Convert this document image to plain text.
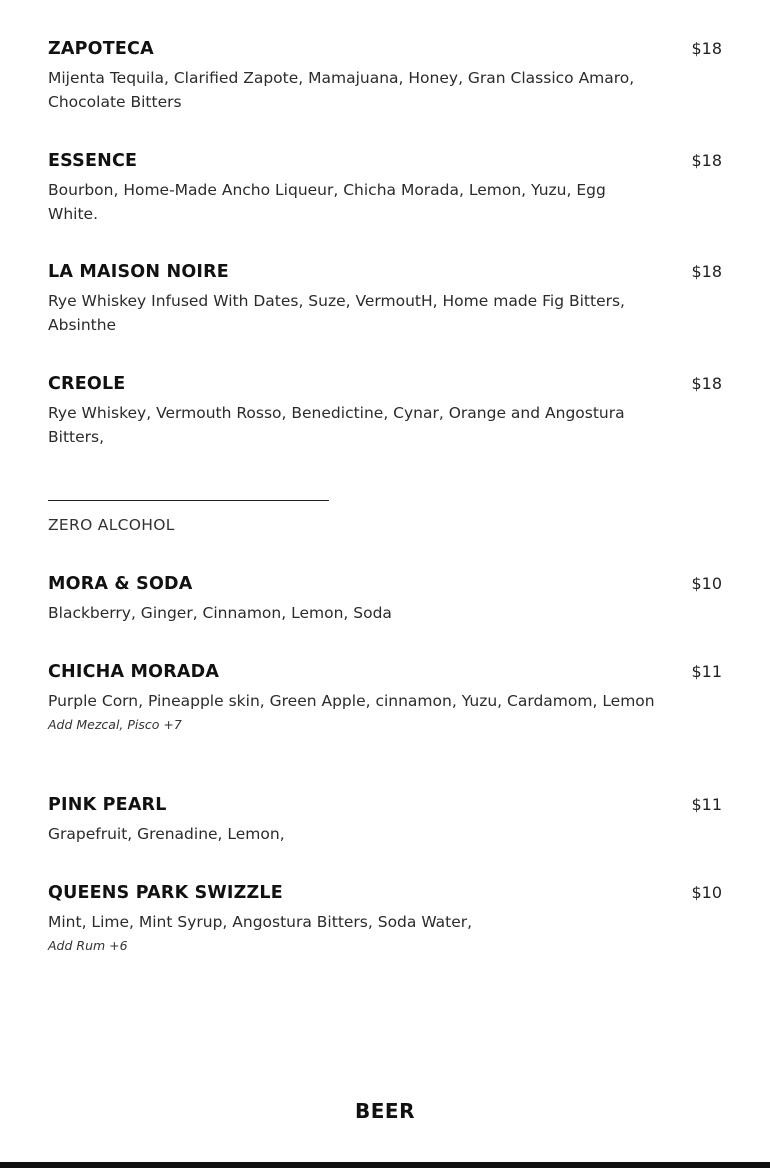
ZAPOTECA	$18
Mijenta Tequila, Clarified Zapote, Mamajuana, Honey, Gran Classico Amaro, Chocolate Bitters
ESSENCE	$18
Bourbon, Home-Made Ancho Liqueur, Chicha Morada, Lemon, Yuzu, Egg White.
LA MAISON NOIRE	$18
Rye Whiskey Infused With Dates, Suze, VermoutH, Home made Fig Bitters, Absinthe
CREOLE	$18
Rye Whiskey, Vermouth Rosso, Benedictine, Cynar, Orange and Angostura Bitters,
ZERO ALCOHOL
MORA & SODA	$10
Blackberry, Ginger, Cinnamon, Lemon, Soda
CHICHA MORADA	$11
Purple Corn, Pineapple skin, Green Apple, cinnamon, Yuzu, Cardamom, Lemon
Add Mezcal, Pisco +7
PINK PEARL	$11
Grapefruit, Grenadine, Lemon,
QUEENS PARK SWIZZLE	$10
Mint, Lime, Mint Syrup, Angostura Bitters, Soda Water,
Add Rum +6
BEER
